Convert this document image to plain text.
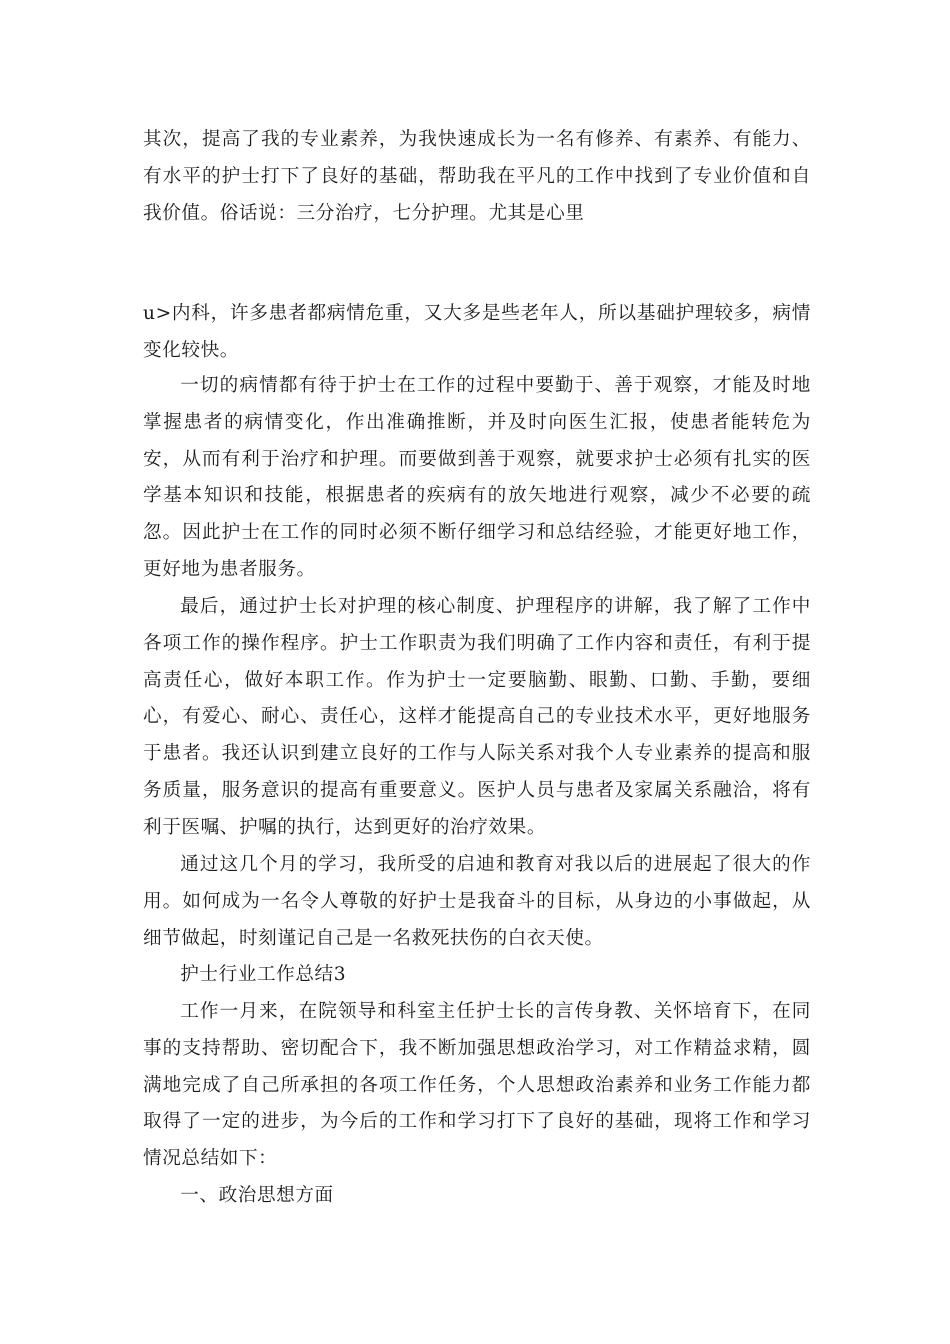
其次，提高了我的专业素养，为我快速成长为一名有修养、有素养、有能力、有水平的护士打下了良好的基础，帮助我在平凡的工作中找到了专业价值和自我价值。俗话说：三分治疗，七分护理。尤其是心里

u>内科，许多患者都病情危重，又大多是些老年人，所以基础护理较多，病情变化较快。

一切的病情都有待于护士在工作的过程中要勤于、善于观察，才能及时地掌握患者的病情变化，作出准确推断，并及时向医生汇报，使患者能转危为安，从而有利于治疗和护理。而要做到善于观察，就要求护士必须有扎实的医学基本知识和技能，根据患者的疾病有的放矢地进行观察，减少不必要的疏忽。因此护士在工作的同时必须不断仔细学习和总结经验，才能更好地工作，更好地为患者服务。

最后，通过护士长对护理的核心制度、护理程序的讲解，我了解了工作中各项工作的操作程序。护士工作职责为我们明确了工作内容和责任，有利于提高责任心，做好本职工作。作为护士一定要脑勤、眼勤、口勤、手勤，要细心，有爱心、耐心、责任心，这样才能提高自己的专业技术水平，更好地服务于患者。我还认识到建立良好的工作与人际关系对我个人专业素养的提高和服务质量，服务意识的提高有重要意义。医护人员与患者及家属关系融洽，将有利于医嘱、护嘱的执行，达到更好的治疗效果。

通过这几个月的学习，我所受的启迪和教育对我以后的进展起了很大的作用。如何成为一名令人尊敬的好护士是我奋斗的目标，从身边的小事做起，从细节做起，时刻谨记自己是一名救死扶伤的白衣天使。

护士行业工作总结3

工作一月来，在院领导和科室主任护士长的言传身教、关怀培育下，在同事的支持帮助、密切配合下，我不断加强思想政治学习，对工作精益求精，圆满地完成了自己所承担的各项工作任务，个人思想政治素养和业务工作能力都取得了一定的进步，为今后的工作和学习打下了良好的基础，现将工作和学习情况总结如下：

一、政治思想方面
